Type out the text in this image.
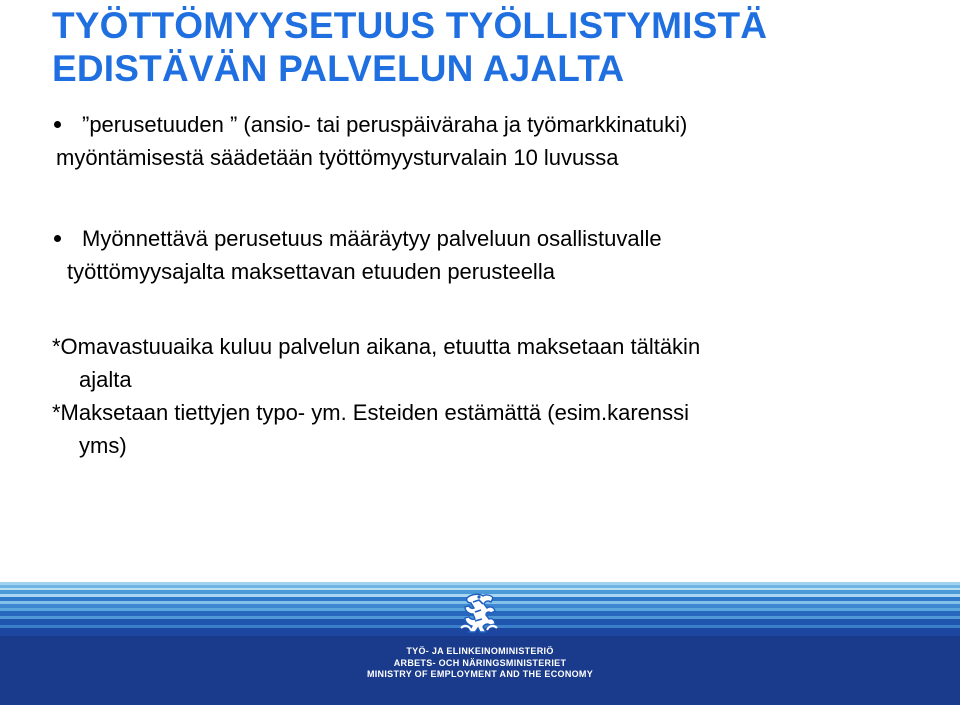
TYÖTTÖMYYSETUUS TYÖLLISTYMISTÄ
EDISTÄVÄN PALVELUN AJALTA
”perusetuuden ” (ansio- tai peruspäiväraha ja työmarkkinatuki)
myöntämisestä säädetään työttömyysturvalain 10 luvussa
Myönnettävä perusetuus määräytyy palveluun osallistuvalle
työttömyysajalta maksettavan etuuden perusteella
*Omavastuuaika kuluu palvelun aikana, etuutta maksetaan tältäkin
ajalta
*Maksetaan tiettyjen typo- ym. Esteiden estämättä (esim.karenssi
yms)
TYÖ- JA ELINKEINOMINISTERIÖ
ARBETS- OCH NÄRINGSMINISTERIET
MINISTRY OF EMPLOYMENT AND THE ECONOMY
